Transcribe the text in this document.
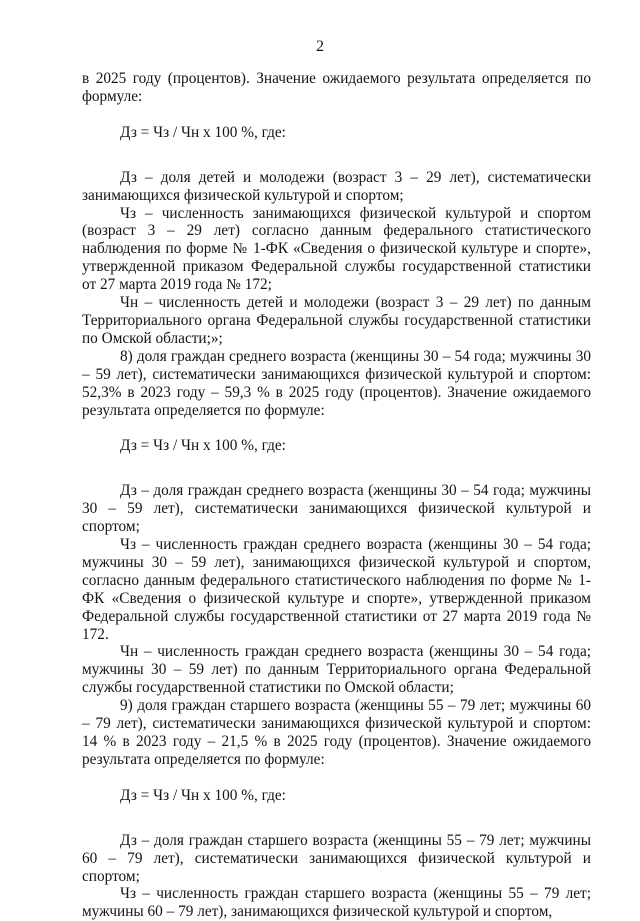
2

в 2025 году (процентов). Значение ожидаемого результата определяется по формуле:

Дз = Чз / Чн x 100 %, где:

Дз – доля детей и молодежи (возраст 3 – 29 лет), систематически занимающихся физической культурой и спортом;

Чз – численность занимающихся физической культурой и спортом (возраст 3 – 29 лет) согласно данным федерального статистического наблюдения по форме № 1-ФК «Сведения о физической культуре и спорте», утвержденной приказом Федеральной службы государственной статистики от 27 марта 2019 года № 172;

Чн – численность детей и молодежи (возраст 3 – 29 лет) по данным Территориального органа Федеральной службы государственной статистики по Омской области;»;

8) доля граждан среднего возраста (женщины 30 – 54 года; мужчины 30 – 59 лет), систематически занимающихся физической культурой и спортом: 52,3% в 2023 году – 59,3 % в 2025 году (процентов). Значение ожидаемого результата определяется по формуле:

Дз = Чз / Чн x 100 %, где:

Дз – доля граждан среднего возраста (женщины 30 – 54 года; мужчины 30 – 59 лет), систематически занимающихся физической культурой и спортом;

Чз – численность граждан среднего возраста (женщины 30 – 54 года; мужчины 30 – 59 лет), занимающихся физической культурой и спортом, согласно данным федерального статистического наблюдения по форме № 1-ФК «Сведения о физической культуре и спорте», утвержденной приказом Федеральной службы государственной статистики от 27 марта 2019 года № 172.

Чн – численность граждан среднего возраста (женщины 30 – 54 года; мужчины 30 – 59 лет) по данным Территориального органа Федеральной службы государственной статистики по Омской области;

9) доля граждан старшего возраста (женщины 55 – 79 лет; мужчины 60 – 79 лет), систематически занимающихся физической культурой и спортом: 14 % в 2023 году – 21,5 % в 2025 году (процентов). Значение ожидаемого результата определяется по формуле:

Дз = Чз / Чн x 100 %, где:

Дз – доля граждан старшего возраста (женщины 55 – 79 лет; мужчины 60 – 79 лет), систематически занимающихся физической культурой и спортом;

Чз – численность граждан старшего возраста (женщины 55 – 79 лет; мужчины 60 – 79 лет), занимающихся физической культурой и спортом,
